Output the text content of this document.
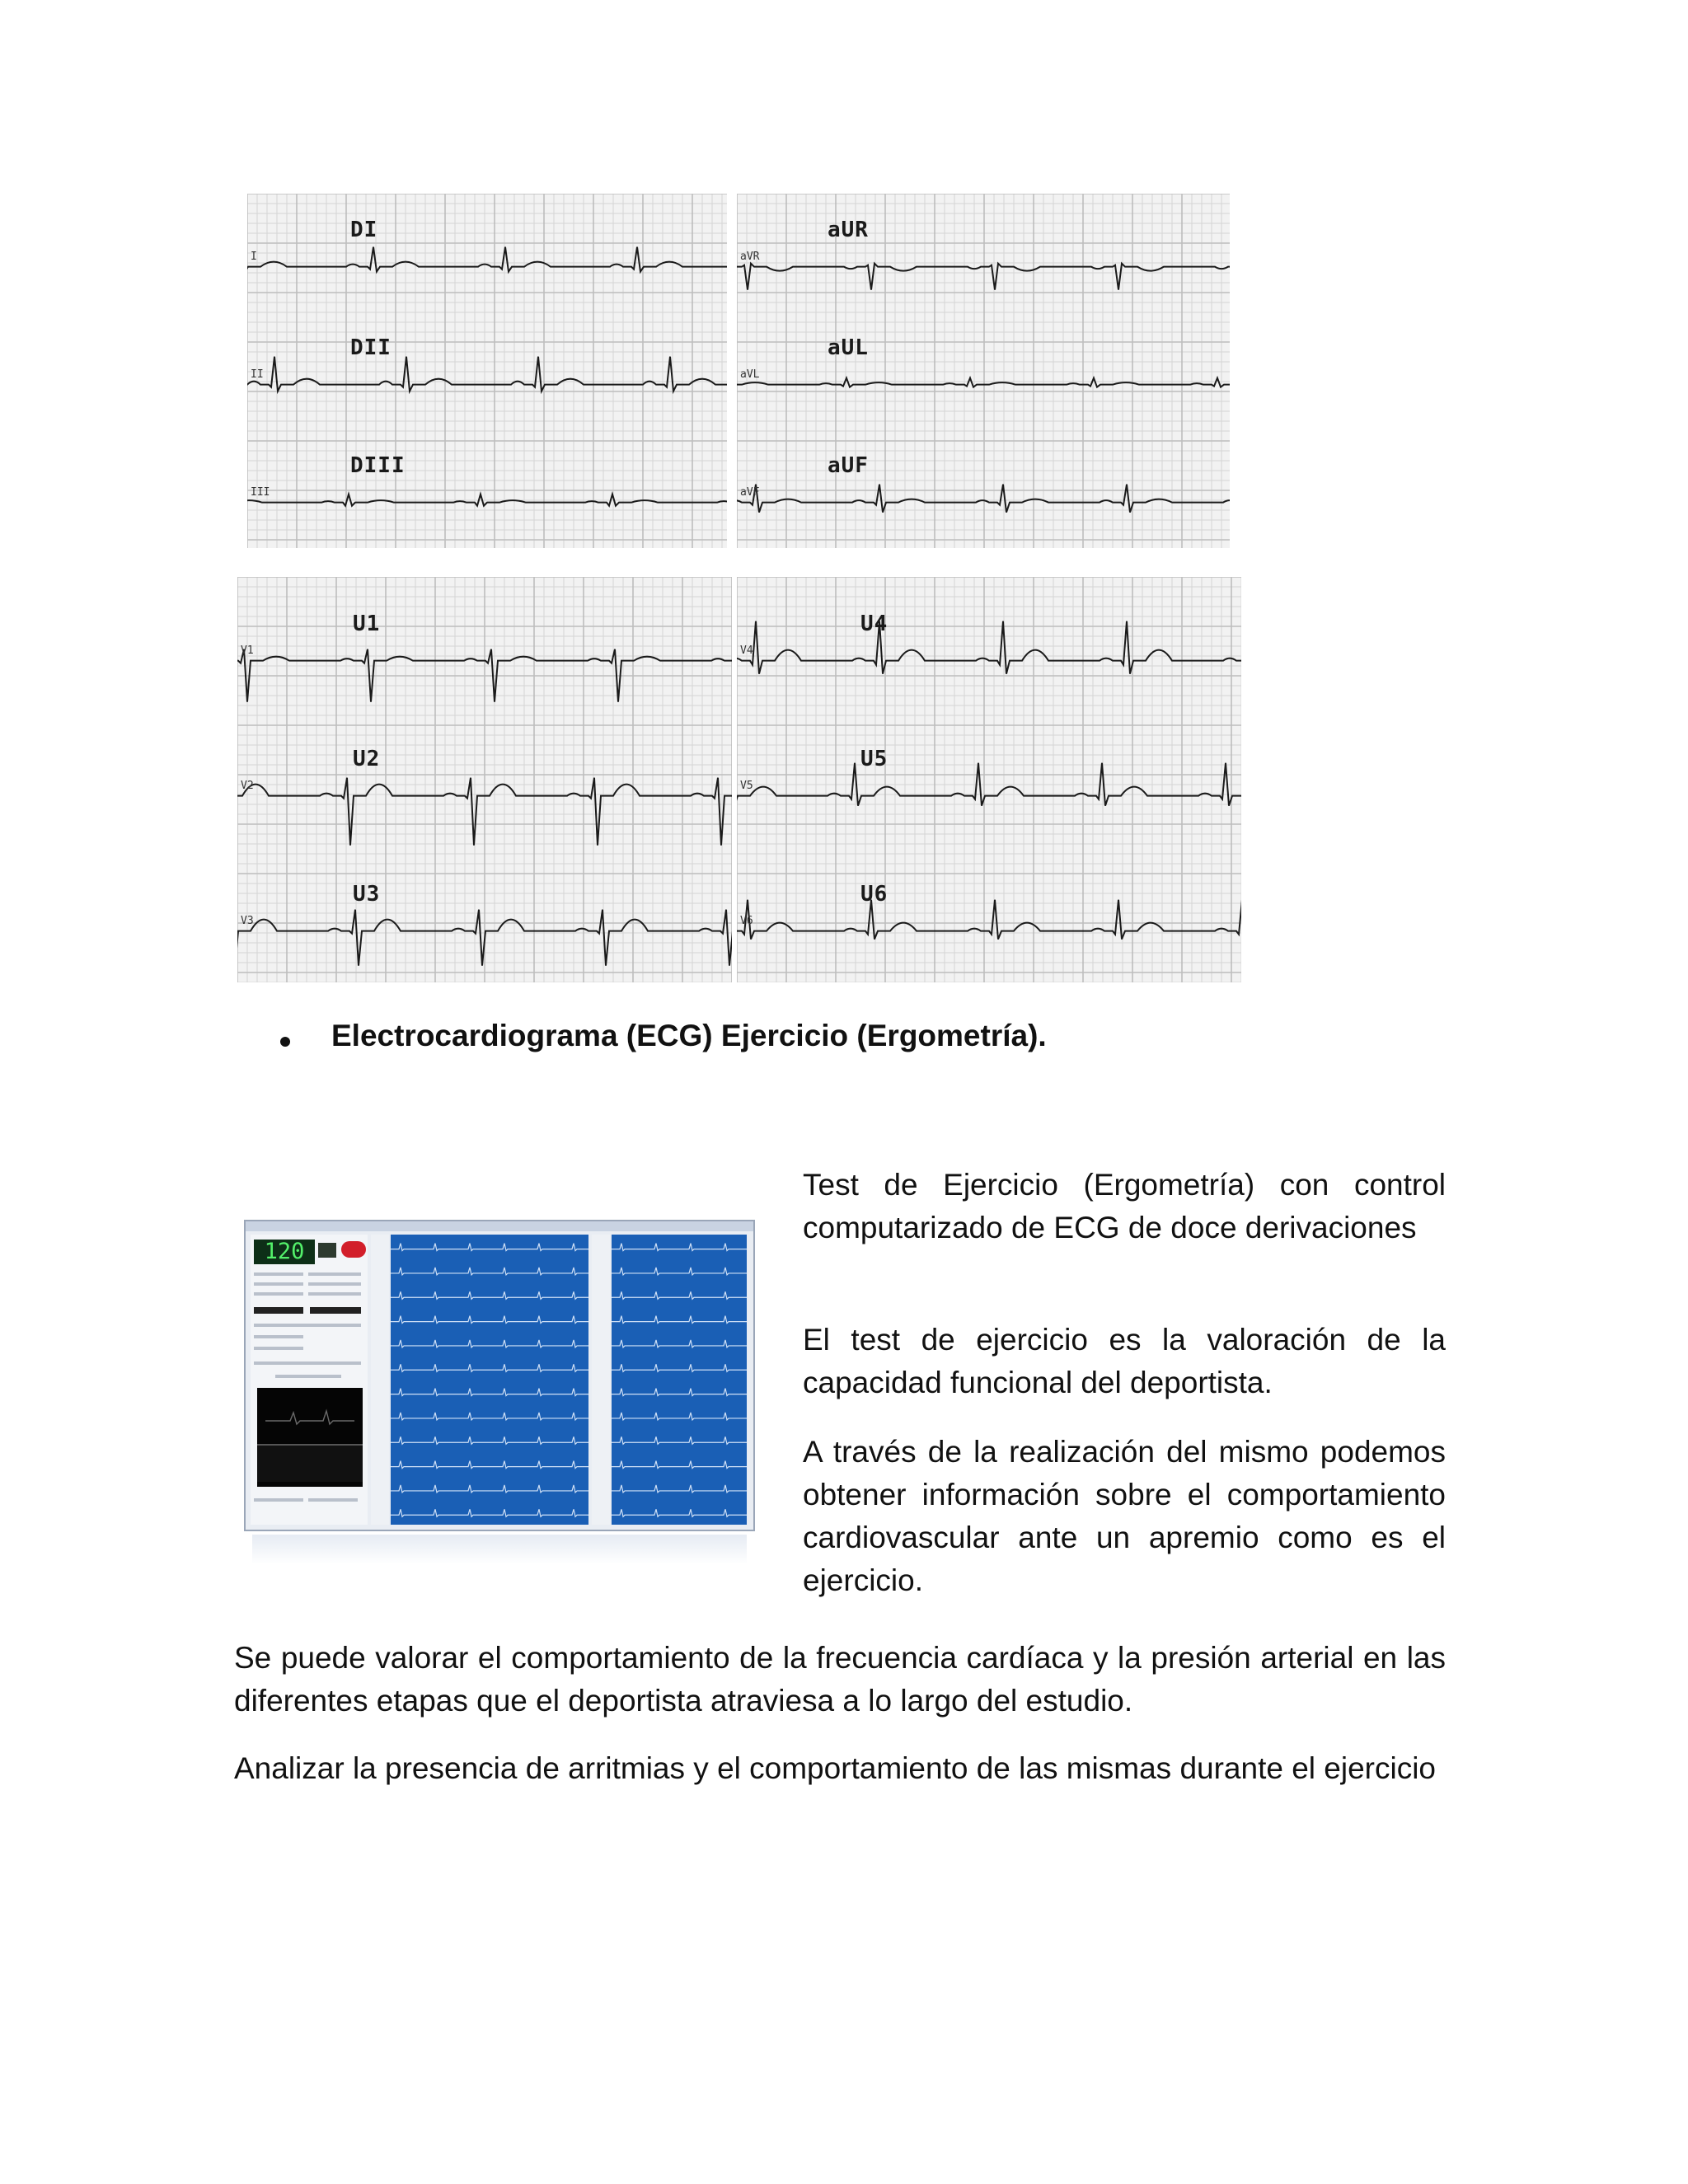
DI
I
DII
II
DIII
III
aUR
aVR
aUL
aVL
aUF
aVF
U1
V1
U2
V2
U3
V3
U4
V4
U5
V5
U6
V6
Electrocardiograma (ECG) Ejercicio (Ergometría).
120

Test de Ejercicio (Ergometría) con control computarizado de ECG de doce derivaciones

El test de ejercicio es la valoración de la capacidad funcional del deportista.

A través de la realización del mismo podemos obtener información sobre el comportamiento cardiovascular ante un apremio como es el ejercicio.

Se puede valorar el comportamiento de la frecuencia cardíaca y la presión arterial en las diferentes etapas que el deportista atraviesa a lo largo del estudio.

Analizar la presencia de arritmias y el comportamiento de las mismas durante el ejercicio
